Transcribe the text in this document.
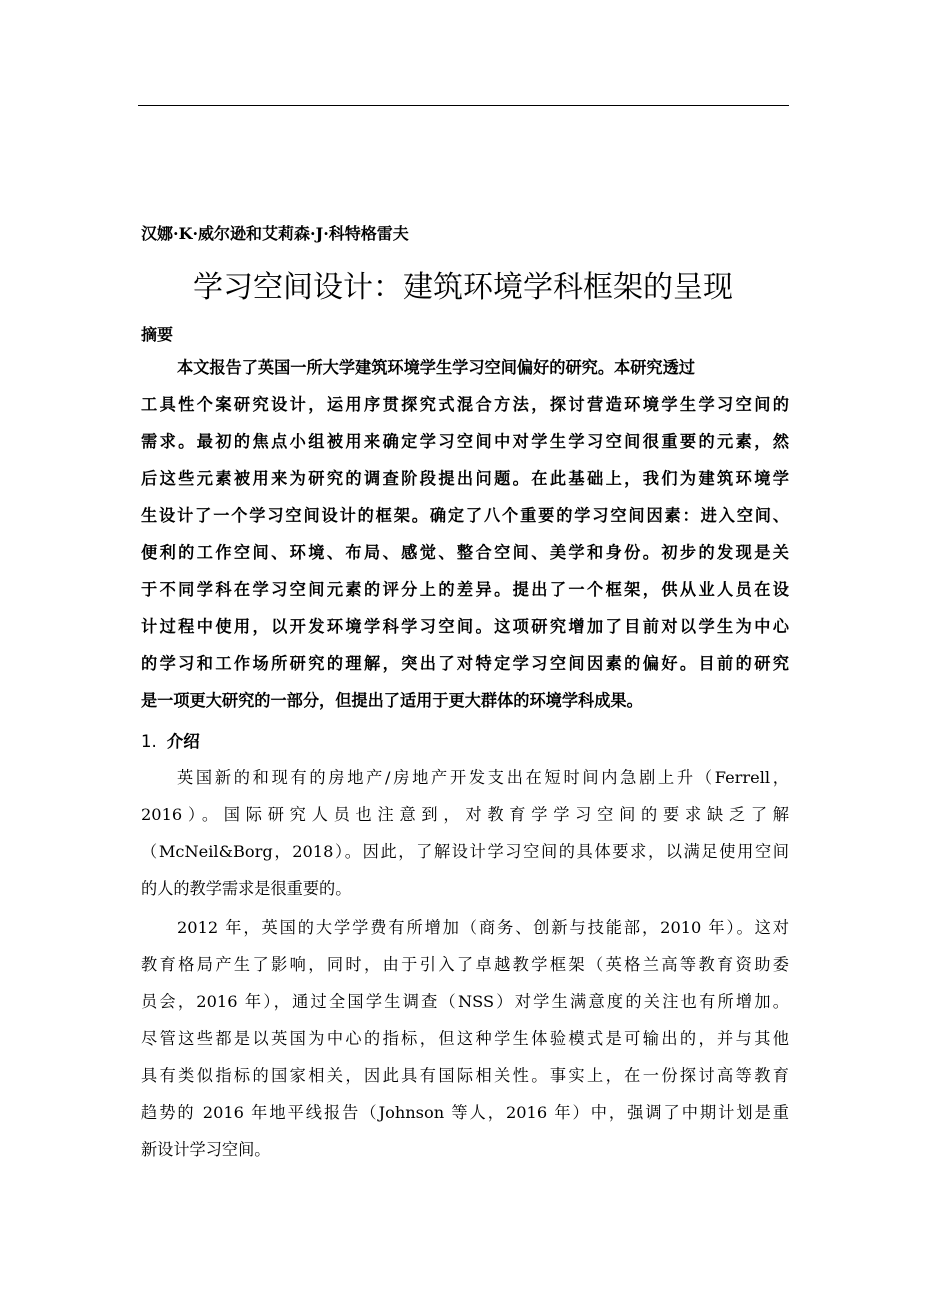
汉娜·K·威尔逊和艾莉森·J·科特格雷夫
学习空间设计：建筑环境学科框架的呈现
摘要
本文报告了英国一所大学建筑环境学生学习空间偏好的研究。本研究透过
工具性个案研究设计，运用序贯探究式混合方法，探讨营造环境学生学习空间的
需求。最初的焦点小组被用来确定学习空间中对学生学习空间很重要的元素，然
后这些元素被用来为研究的调查阶段提出问题。在此基础上，我们为建筑环境学
生设计了一个学习空间设计的框架。确定了八个重要的学习空间因素：进入空间、
便利的工作空间、环境、布局、感觉、整合空间、美学和身份。初步的发现是关
于不同学科在学习空间元素的评分上的差异。提出了一个框架，供从业人员在设
计过程中使用，以开发环境学科学习空间。这项研究增加了目前对以学生为中心
的学习和工作场所研究的理解，突出了对特定学习空间因素的偏好。目前的研究
是一项更大研究的一部分，但提出了适用于更大群体的环境学科成果。
1. 介绍
英国新的和现有的房地产/房地产开发支出在短时间内急剧上升（Ferrell，
2016）。国际研究人员也注意到，对教育学学习空间的要求缺乏了解
（McNeil&Borg，2018）。因此，了解设计学习空间的具体要求，以满足使用空间
的人的教学需求是很重要的。
2012 年，英国的大学学费有所增加（商务、创新与技能部，2010 年）。这对
教育格局产生了影响，同时，由于引入了卓越教学框架（英格兰高等教育资助委
员会，2016 年），通过全国学生调查（NSS）对学生满意度的关注也有所增加。
尽管这些都是以英国为中心的指标，但这种学生体验模式是可输出的，并与其他
具有类似指标的国家相关，因此具有国际相关性。事实上，在一份探讨高等教育
趋势的 2016 年地平线报告（Johnson 等人，2016 年）中，强调了中期计划是重
新设计学习空间。
